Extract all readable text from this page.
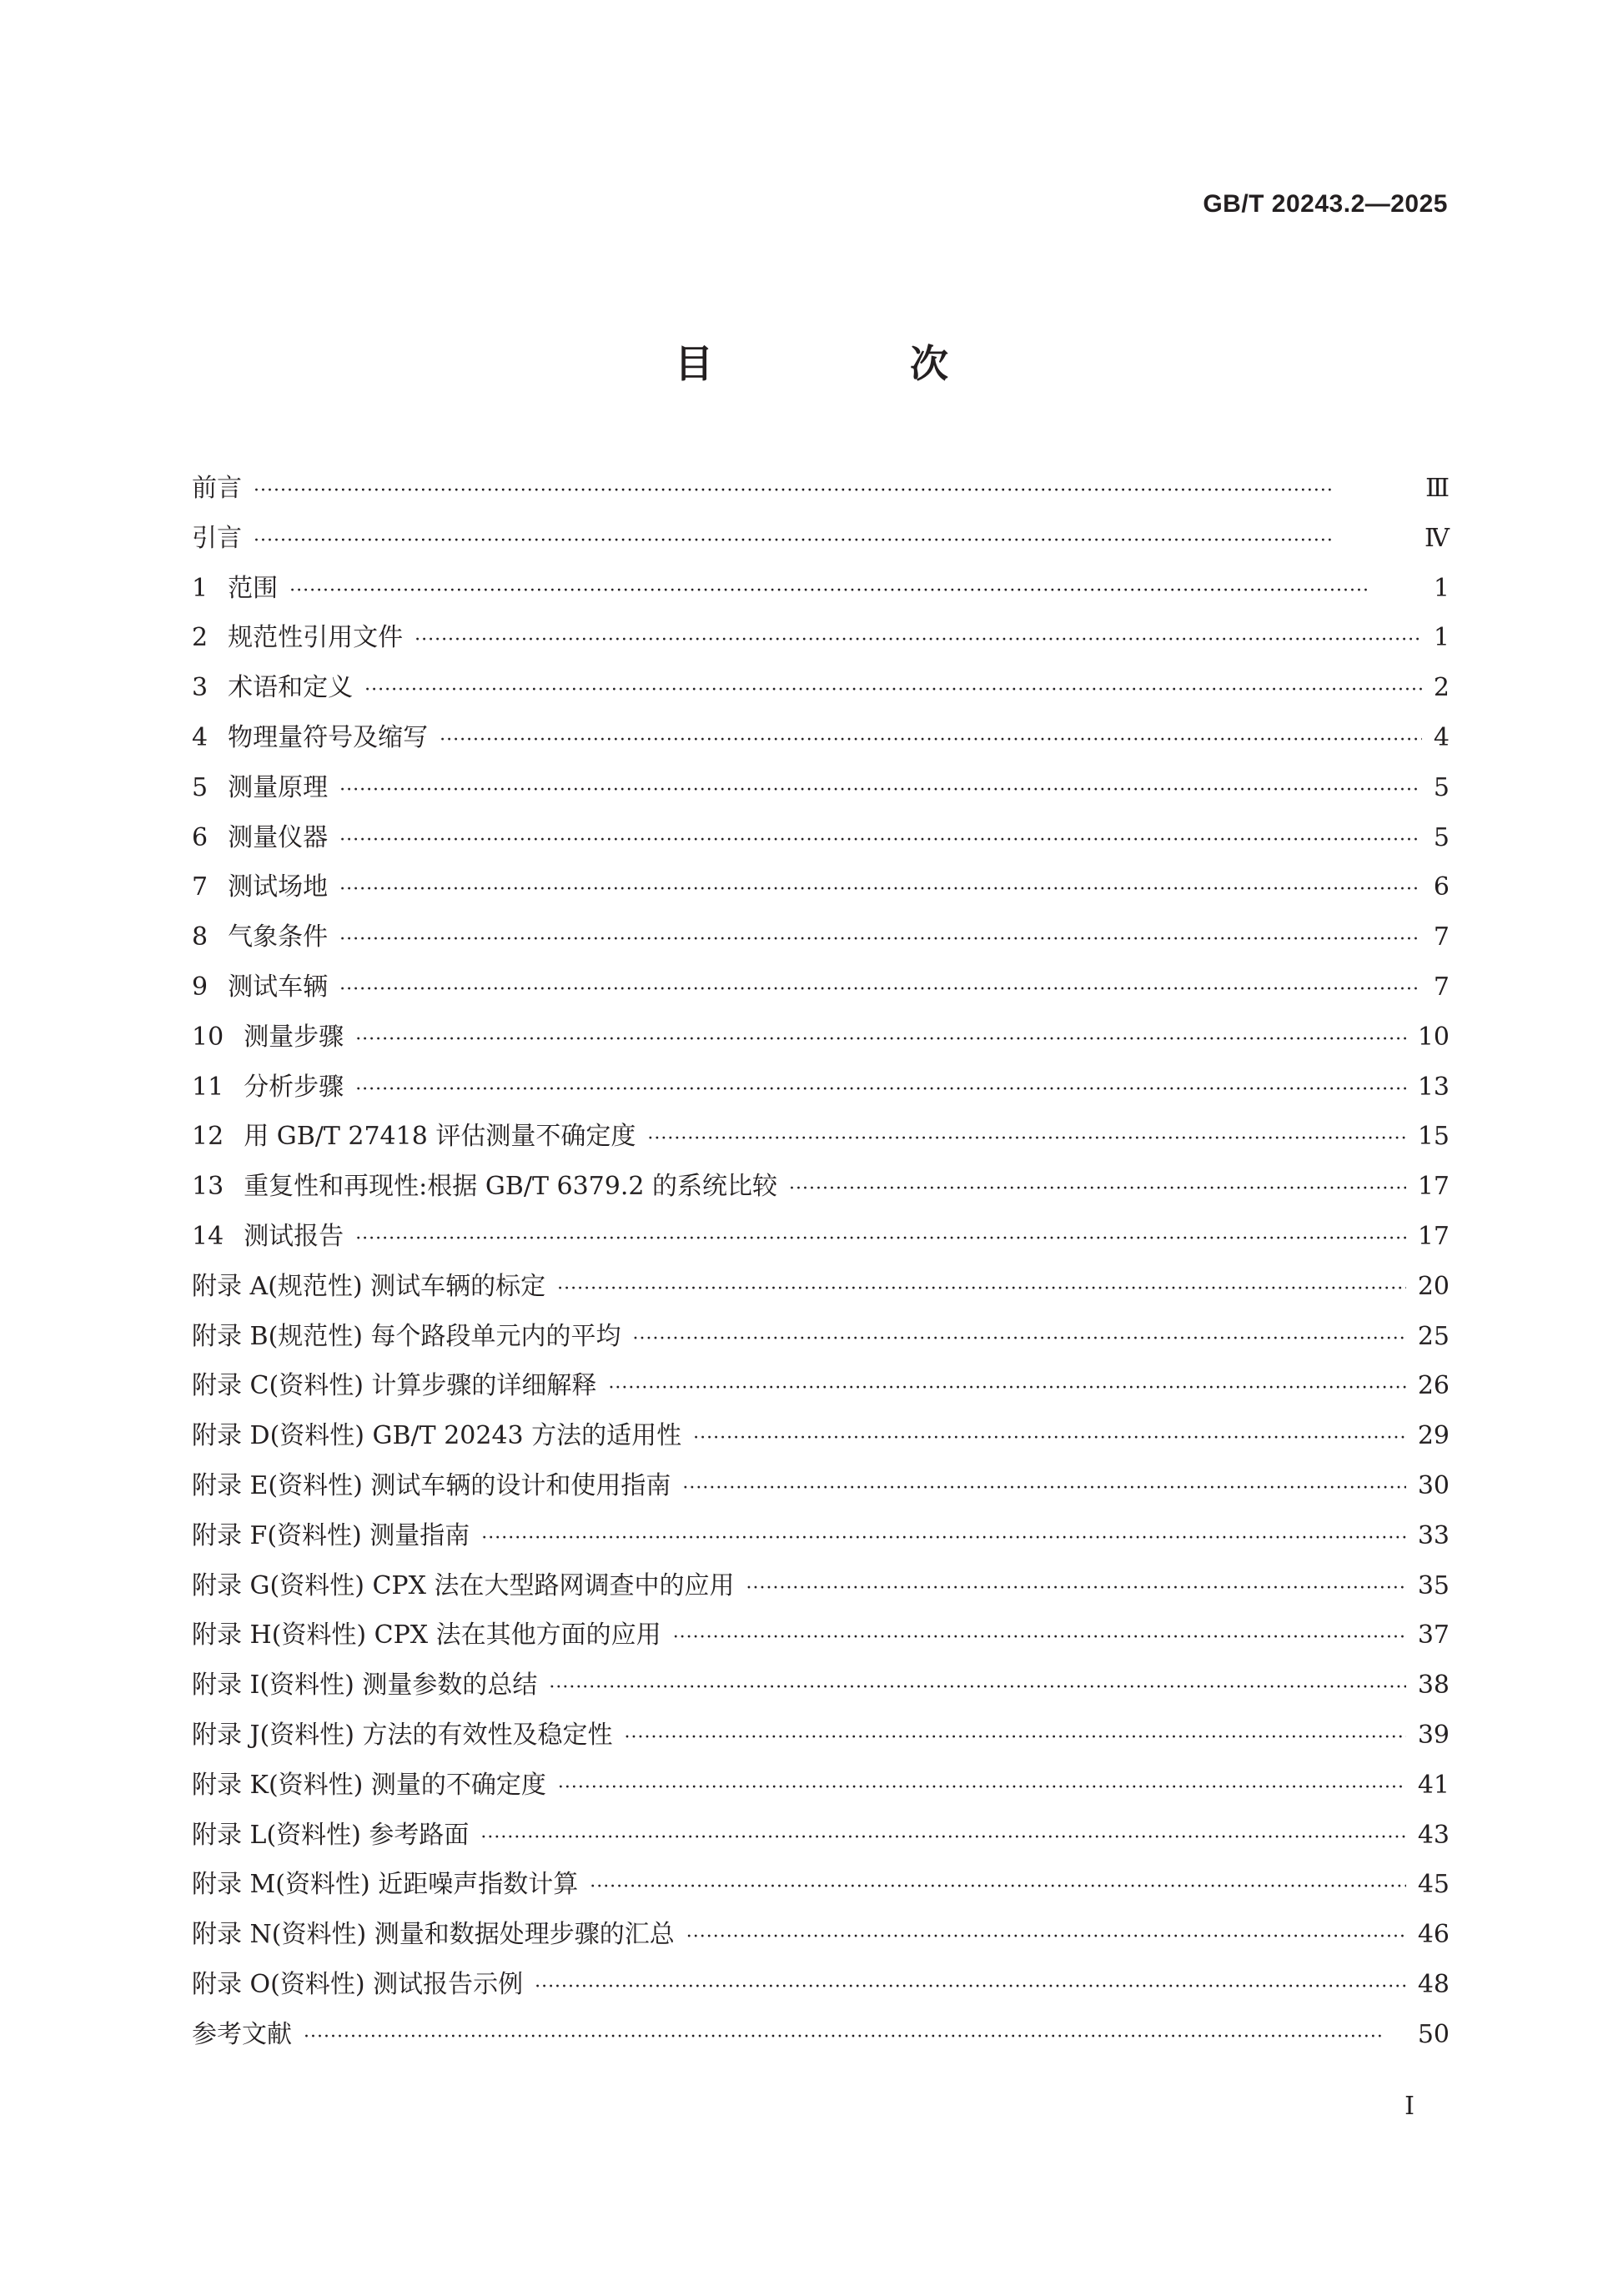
GB/T 20243.2—2025
目 次
前言 ·····	Ⅲ
引言 ·····	Ⅳ
1 范围 ·····	1
2 规范性引用文件 ·····	1
3 术语和定义 ·····	2
4 物理量符号及缩写 ·····	4
5 测量原理 ·····	5
6 测量仪器 ·····	5
7 测试场地 ·····	6
8 气象条件 ·····	7
9 测试车辆 ·····	7
10 测量步骤 ·····	10
11 分析步骤 ·····	13
12 用 GB/T 27418 评估测量不确定度 ·····	15
13 重复性和再现性:根据 GB/T 6379.2 的系统比较 ·····	17
14 测试报告 ·····	17
附录 A(规范性) 测试车辆的标定 ·····	20
附录 B(规范性) 每个路段单元内的平均 ·····	25
附录 C(资料性) 计算步骤的详细解释 ·····	26
附录 D(资料性) GB/T 20243 方法的适用性 ·····	29
附录 E(资料性) 测试车辆的设计和使用指南 ·····	30
附录 F(资料性) 测量指南 ·····	33
附录 G(资料性) CPX 法在大型路网调查中的应用 ·····	35
附录 H(资料性) CPX 法在其他方面的应用 ·····	37
附录 I(资料性) 测量参数的总结 ·····	38
附录 J(资料性) 方法的有效性及稳定性 ·····	39
附录 K(资料性) 测量的不确定度 ·····	41
附录 L(资料性) 参考路面 ·····	43
附录 M(资料性) 近距噪声指数计算 ·····	45
附录 N(资料性) 测量和数据处理步骤的汇总 ·····	46
附录 O(资料性) 测试报告示例 ·····	48
参考文献 ·····	50
I
